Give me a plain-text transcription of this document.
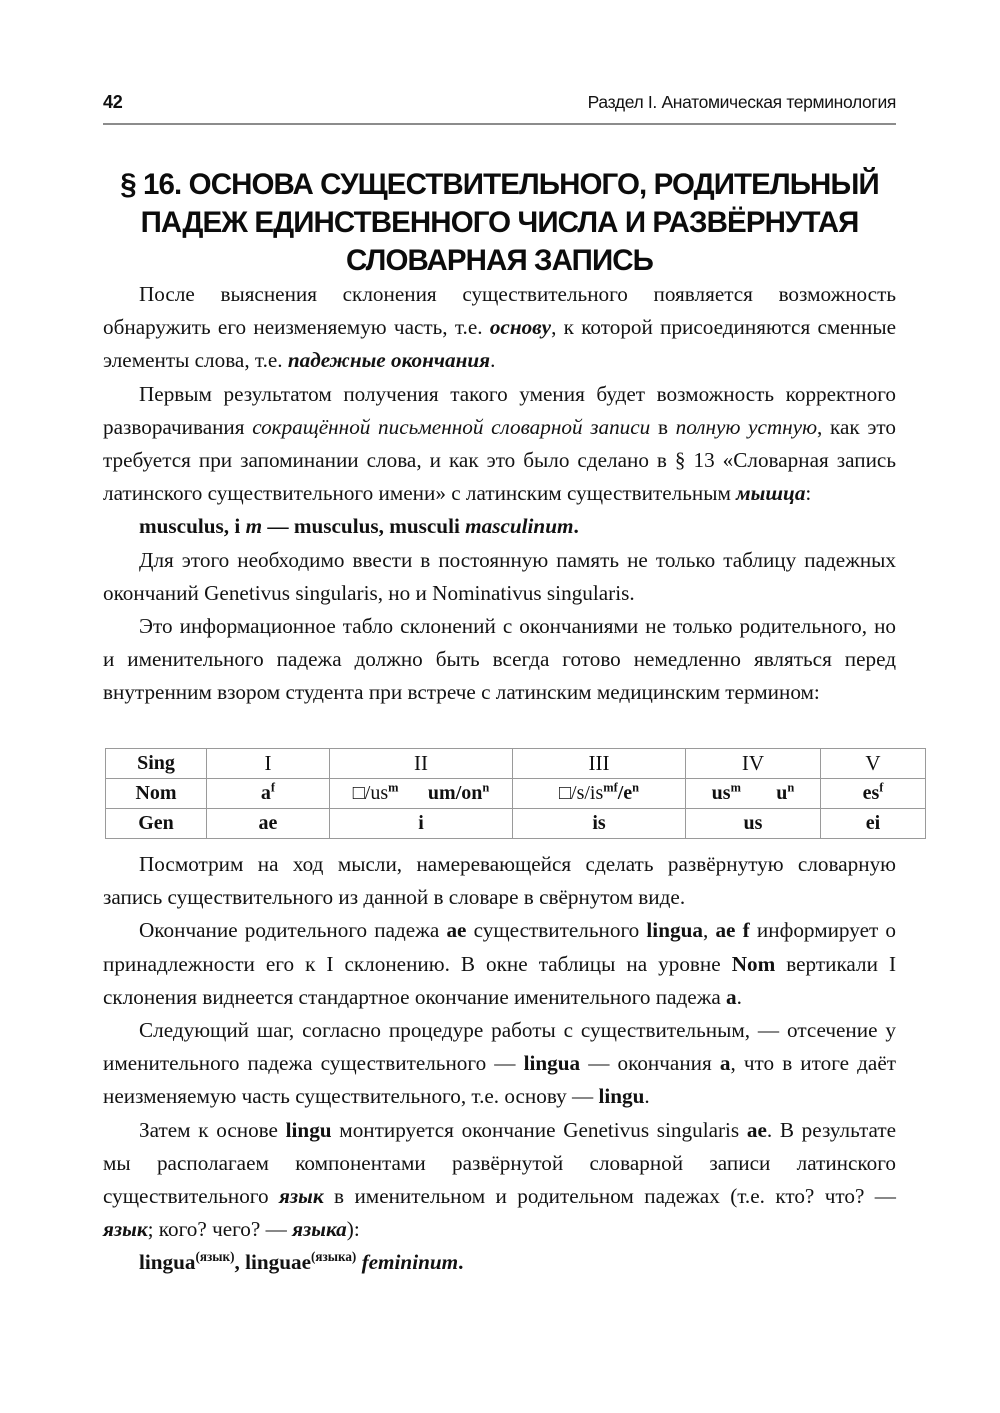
42	Раздел I. Анатомическая терминология
§ 16. ОСНОВА СУЩЕСТВИТЕЛЬНОГО, РОДИТЕЛЬНЫЙ ПАДЕЖ ЕДИНСТВЕННОГО ЧИСЛА И РАЗВЁРНУТАЯ СЛОВАРНАЯ ЗАПИСЬ

После выяснения склонения существительного появляется возможность обнаружить его неизменяемую часть, т.е. основу, к которой присоединяются сменные элементы слова, т.е. падежные окончания.

Первым результатом получения такого умения будет возможность корректного разворачивания сокращённой письменной словарной записи в полную устную, как это требуется при запоминании слова, и как это было сделано в § 13 «Словарная запись латинского существительного имени» с латинским существительным мышца:

musculus, i m — musculus, musculi masculinum.

Для этого необходимо ввести в постоянную память не только таблицу падежных окончаний Genetivus singularis, но и Nominativus singularis.

Это информационное табло склонений с окончаниями не только родительного, но и именительного падежа должно быть всегда готово немедленно являться перед внутренним взором студента при встрече с латинским медицинским термином:

Sing	I	II	III	IV	V
Nom	$a^f$	$□/us^m$ $um/on^n$	$□/s/is^{mf}/e^n$	$us^m$ $u^n$	$es^f$
Gen	ae	i	is	us	ei

Посмотрим на ход мысли, намеревающейся сделать развёрнутую словарную запись существительного из данной в словаре в свёрнутом виде.

Окончание родительного падежа ae существительного lingua, ae f информирует о принадлежности его к I склонению. В окне таблицы на уровне Nom вертикали I склонения виднеется стандартное окончание именительного падежа a.

Следующий шаг, согласно процедуре работы с существительным, — отсечение у именительного падежа существительного — lingua — окончания a, что в итоге даёт неизменяемую часть существительного, т.е. основу — lingu.

Затем к основе lingu монтируется окончание Genetivus singularis ae. В результате мы располагаем компонентами развёрнутой словарной записи латинского существительного язык в именительном и родительном падежах (т.е. кто? что? — язык; кого? чего? — языка):

lingua$^{(язык)}$, linguae$^{(языка)}$ femininum.
